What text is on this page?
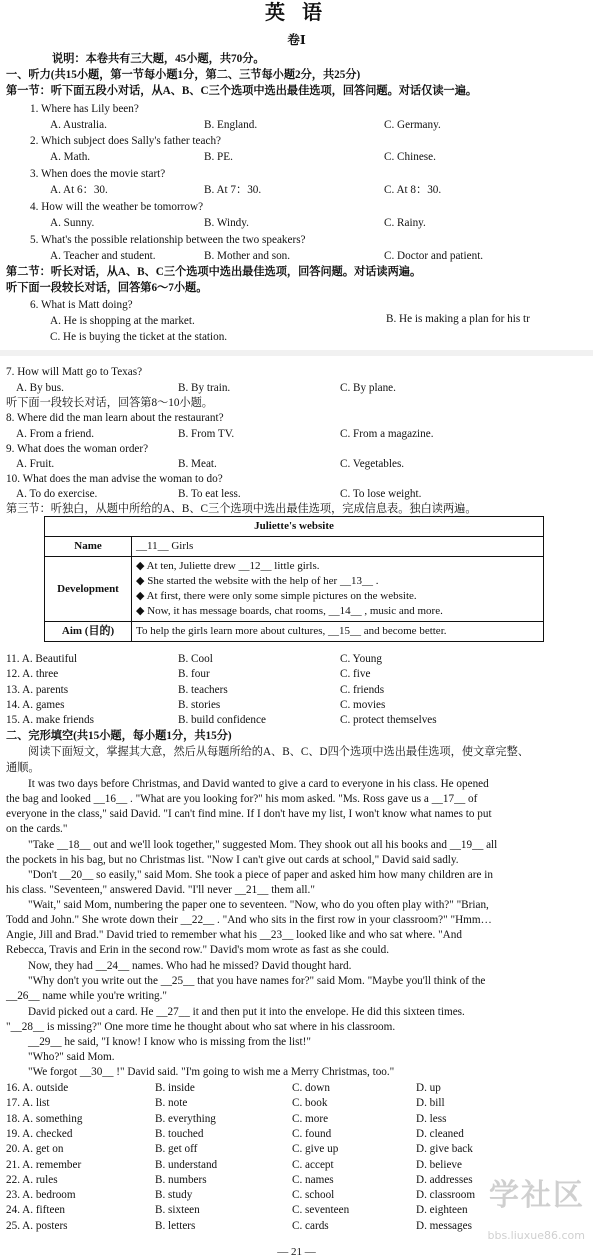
英 语
卷Ⅰ
说明：本卷共有三大题，45小题，共70分。
一、听力(共15小题，第一节每小题1分，第二、三节每小题2分，共25分)
第一节：听下面五段小对话，从A、B、C三个选项中选出最佳选项，回答问题。对话仅读一遍。
1. Where has Lily been?
A. Australia.	B. England.	C. Germany.
2. Which subject does Sally's father teach?
A. Math.	B. PE.	C. Chinese.
3. When does the movie start?
A. At 6：30.	B. At 7：30.	C. At 8：30.
4. How will the weather be tomorrow?
A. Sunny.	B. Windy.	C. Rainy.
5. What's the possible relationship between the two speakers?
A. Teacher and student.	B. Mother and son.	C. Doctor and patient.
第二节：听长对话，从A、B、C三个选项中选出最佳选项，回答问题。对话读两遍。
听下面一段较长对话，回答第6～7小题。
6. What is Matt doing?
A. He is shopping at the market.	B. He is making a plan for his tr
C. He is buying the ticket at the station.
7. How will Matt go to Texas?
A. By bus.	B. By train.	C. By plane.
听下面一段较长对话，回答第8～10小题。
8. Where did the man learn about the restaurant?
A. From a friend.	B. From TV.	C. From a magazine.
9. What does the woman order?
A. Fruit.	B. Meat.	C. Vegetables.
10. What does the man advise the woman to do?
A. To do exercise.	B. To eat less.	C. To lose weight.
第三节：听独白，从题中所给的A、B、C三个选项中选出最佳选项，完成信息表。独白读两遍。
Juliette's website	
Name	__11__ Girls
Development	◆ At ten, Juliette drew __12__ little girls.
◆ She started the website with the help of her __13__ .
◆ At first, there were only some simple pictures on the website.
◆ Now, it has message boards, chat rooms, __14__ , music and more.

Aim (目的)	To help the girls learn more about cultures, __15__ and become better.
11. A. Beautiful	B. Cool	C. Young
12. A. three	B. four	C. five
13. A. parents	B. teachers	C. friends
14. A. games	B. stories	C. movies
15. A. make friends	B. build confidence	C. protect themselves
二、完形填空(共15小题，每小题1分，共15分)
阅读下面短文，掌握其大意，然后从每题所给的A、B、C、D四个选项中选出最佳选项，使文章完整、
通顺。
It was two days before Christmas, and David wanted to give a card to everyone in his class. He opened
the bag and looked __16__ . "What are you looking for?" his mom asked. "Ms. Ross gave us a __17__ of
everyone in the class," said David. "I can't find mine. If I don't have my list, I won't know what names to put
on the cards."
"Take __18__ out and we'll look together," suggested Mom. They shook out all his books and __19__ all
the pockets in his bag, but no Christmas list. "Now I can't give out cards at school," David said sadly.
"Don't __20__ so easily," said Mom. She took a piece of paper and asked him how many children are in
his class. "Seventeen," answered David. "I'll never __21__ them all."
"Wait," said Mom, numbering the paper one to seventeen. "Now, who do you often play with?" "Brian,
Todd and John." She wrote down their __22__ . "And who sits in the first row in your classroom?" "Hmm…
Angie, Jill and Brad." David tried to remember what his __23__ looked like and who sat where. "And
Rebecca, Travis and Erin in the second row." David's mom wrote as fast as she could.
Now, they had __24__ names. Who had he missed? David thought hard.
"Why don't you write out the __25__ that you have names for?" said Mom. "Maybe you'll think of the
__26__ name while you're writing."
David picked out a card. He __27__ it and then put it into the envelope. He did this sixteen times.
"__28__ is missing?" One more time he thought about who sat where in his classroom.
__29__ he said, "I know! I know who is missing from the list!"
"Who?" said Mom.
"We forgot __30__ !" David said. "I'm going to wish me a Merry Christmas, too."
16. A. outside	B. inside	C. down	D. up
17. A. list	B. note	C. book	D. bill
18. A. something	B. everything	C. more	D. less
19. A. checked	B. touched	C. found	D. cleaned
20. A. get on	B. get off	C. give up	D. give back
21. A. remember	B. understand	C. accept	D. believe
22. A. rules	B. numbers	C. names	D. addresses
23. A. bedroom	B. study	C. school	D. classroom
24. A. fifteen	B. sixteen	C. seventeen	D. eighteen
25. A. posters	B. letters	C. cards	D. messages
学社区
bbs.liuxue86.com
— 21 —
